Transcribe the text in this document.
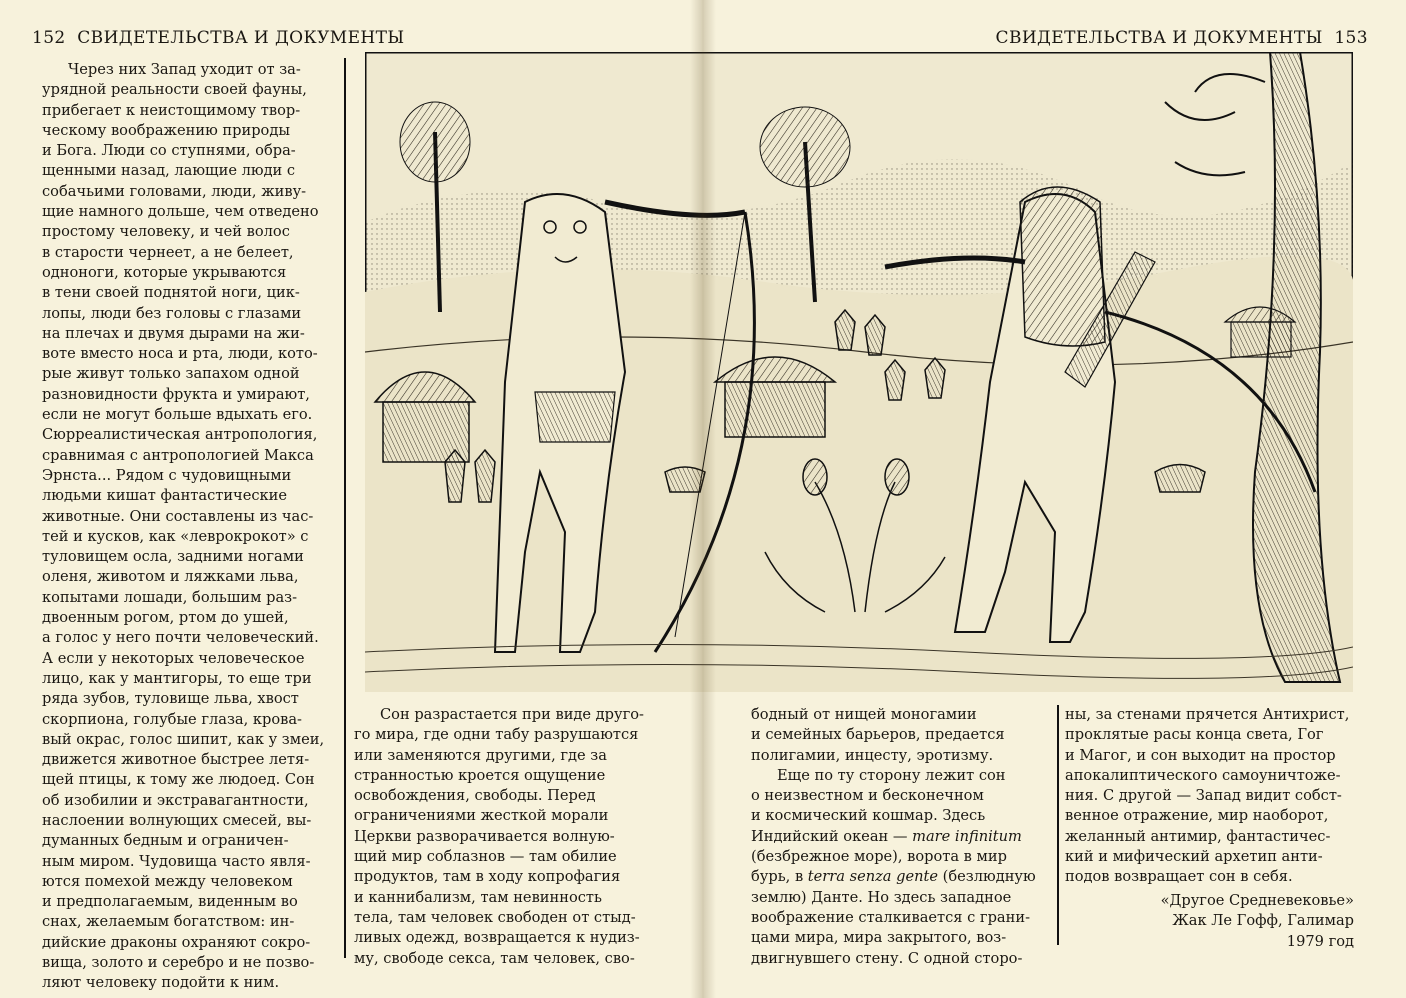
152 СВИДЕТЕЛЬСТВА И ДОКУМЕНТЫ
Через них Запад уходит от за-
урядной реальности своей фауны,
прибегает к неистощимому твор-
ческому воображению природы
и Бога. Люди со ступнями, обра-
щенными назад, лающие люди с
собачьими головами, люди, живу-
щие намного дольше, чем отведено
простому человеку, и чей волос
в старости чернеет, а не белеет,
одноноги, которые укрываются
в тени своей поднятой ноги, цик-
лопы, люди без головы с глазами
на плечах и двумя дырами на жи-
воте вместо носа и рта, люди, кото-
рые живут только запахом одной
разновидности фрукта и умирают,
если не могут больше вдыхать его.
Сюрреалистическая антропология,
сравнимая с антропологией Макса
Эрнста... Рядом с чудовищными
людьми кишат фантастические
животные. Они составлены из час-
тей и кусков, как «леврокрокот» с
туловищем осла, задними ногами
оленя, животом и ляжками льва,
копытами лошади, большим раз-
двоенным рогом, ртом до ушей,
а голос у него почти человеческий.
А если у некоторых человеческое
лицо, как у мантигоры, то еще три
ряда зубов, туловище льва, хвост
скорпиона, голубые глаза, крова-
вый окрас, голос шипит, как у змеи,
движется животное быстрее летя-
щей птицы, к тому же людоед. Сон
об изобилии и экстравагантности,
наслоении волнующих смесей, вы-
думанных бедным и ограничен-
ным миром. Чудовища часто явля-
ются помехой между человеком
и предполагаемым, виденным во
снах, желаемым богатством: ин-
дийские драконы охраняют сокро-
вища, золото и серебро и не позво-
ляют человеку подойти к ним.
Сон разрастается при виде друго-
го мира, где одни табу разрушаются
или заменяются другими, где за
странностью кроется ощущение
освобождения, свободы. Перед
ограничениями жесткой морали
Церкви разворачивается волную-
щий мир соблазнов — там обилие
продуктов, там в ходу копрофагия
и каннибализм, там невинность
тела, там человек свободен от стыд-
ливых одежд, возвращается к нудиз-
му, свободе секса, там человек, сво-
СВИДЕТЕЛЬСТВА И ДОКУМЕНТЫ 153
бодный от нищей моногамии
и семейных барьеров, предается
полигамии, инцесту, эротизму.
Еще по ту сторону лежит сон
о неизвестном и бесконечном
и космический кошмар. Здесь
Индийский океан — mare infinitum
(безбрежное море), ворота в мир
бурь, в terra senza gente (безлюдную
землю) Данте. Но здесь западное
воображение сталкивается с грани-
цами мира, мира закрытого, воз-
двигнувшего стену. С одной сторо-
ны, за стенами прячется Антихрист,
проклятые расы конца света, Гог
и Магог, и сон выходит на простор
апокалиптического самоуничтоже-
ния. С другой — Запад видит собст-
венное отражение, мир наоборот,
желанный антимир, фантастичес-
кий и мифический архетип анти-
подов возвращает сон в себя.
«Другое Средневековье»
Жак Ле Гофф, Галимар
1979 год
